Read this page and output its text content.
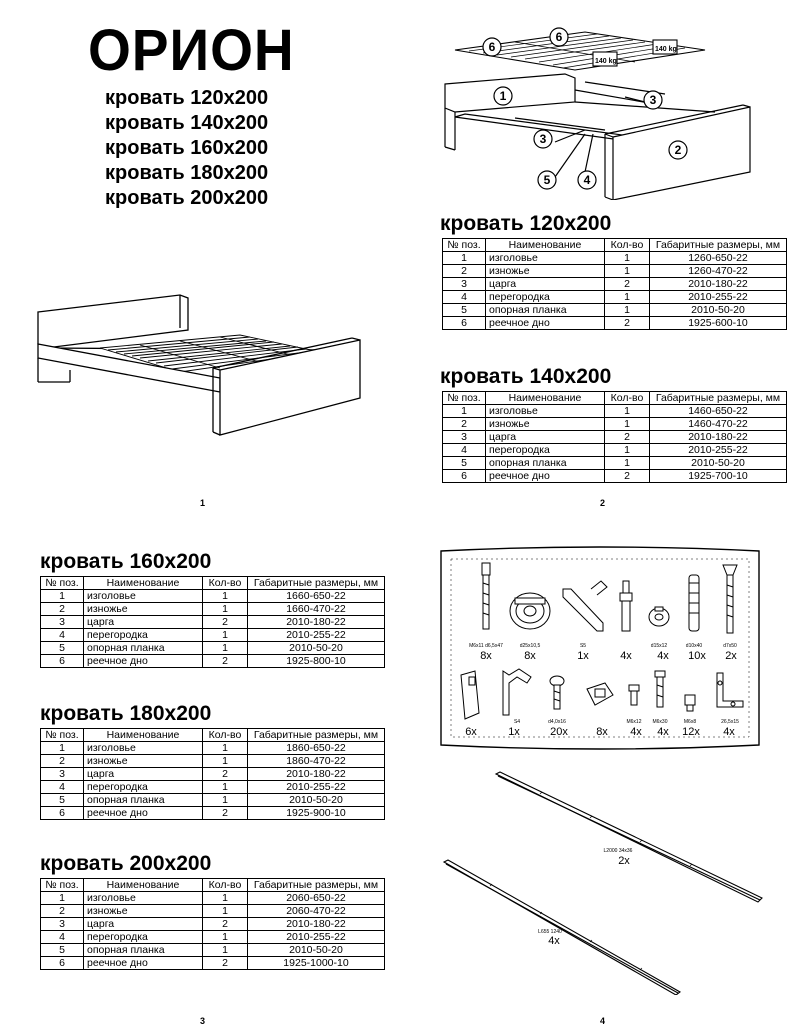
ОРИОН
кровать 120x200
кровать 140x200
кровать 160x200
кровать 180x200
кровать 200x200
1
140 kg
140 kg
6
6
1	3
3
2
5	4
кровать 120x200
№ поз.	Наименование	Кол-во	Габаритные размеры, мм
1	изголовье	1	1260-650-22
2	изножье	1	1260-470-22
3	царга	2	2010-180-22
4	перегородка	1	2010-255-22
5	опорная планка	1	2010-50-20
6	реечное дно	2	1925-600-10
кровать 140x200
№ поз.	Наименование	Кол-во	Габаритные размеры, мм
1	изголовье	1	1460-650-22
2	изножье	1	1460-470-22
3	царга	2	2010-180-22
4	перегородка	1	2010-255-22
5	опорная планка	1	2010-50-20
6	реечное дно	2	1925-700-10
2
кровать 160x200
№ поз.	Наименование	Кол-во	Габаритные размеры, мм
1	изголовье	1	1660-650-22
2	изножье	1	1660-470-22
3	царга	2	2010-180-22
4	перегородка	1	2010-255-22
5	опорная планка	1	2010-50-20
6	реечное дно	2	1925-800-10
кровать 180x200
№ поз.	Наименование	Кол-во	Габаритные размеры, мм
1	изголовье	1	1860-650-22
2	изножье	1	1860-470-22
3	царга	2	2010-180-22
4	перегородка	1	2010-255-22
5	опорная планка	1	2010-50-20
6	реечное дно	2	1925-900-10
кровать 200x200
№ поз.	Наименование	Кол-во	Габаритные размеры, мм
1	изголовье	1	2060-650-22
2	изножье	1	2060-470-22
3	царга	2	2010-180-22
4	перегородка	1	2010-255-22
5	опорная планка	1	2010-50-20
6	реечное дно	2	1925-1000-10
3
M6x11 d6,5x47	d25x10,5	S5	d15x12	d10x40	d7x50
S4	d4,0x16	M6x12 M6x30	M6x8	26,5x15
8x	8x	1x	4x 4x 10x 2x
6x	1x	20x	8x 4x 4x 12x 4x
L2000 34x36
2x
L655 1240
4x
4
